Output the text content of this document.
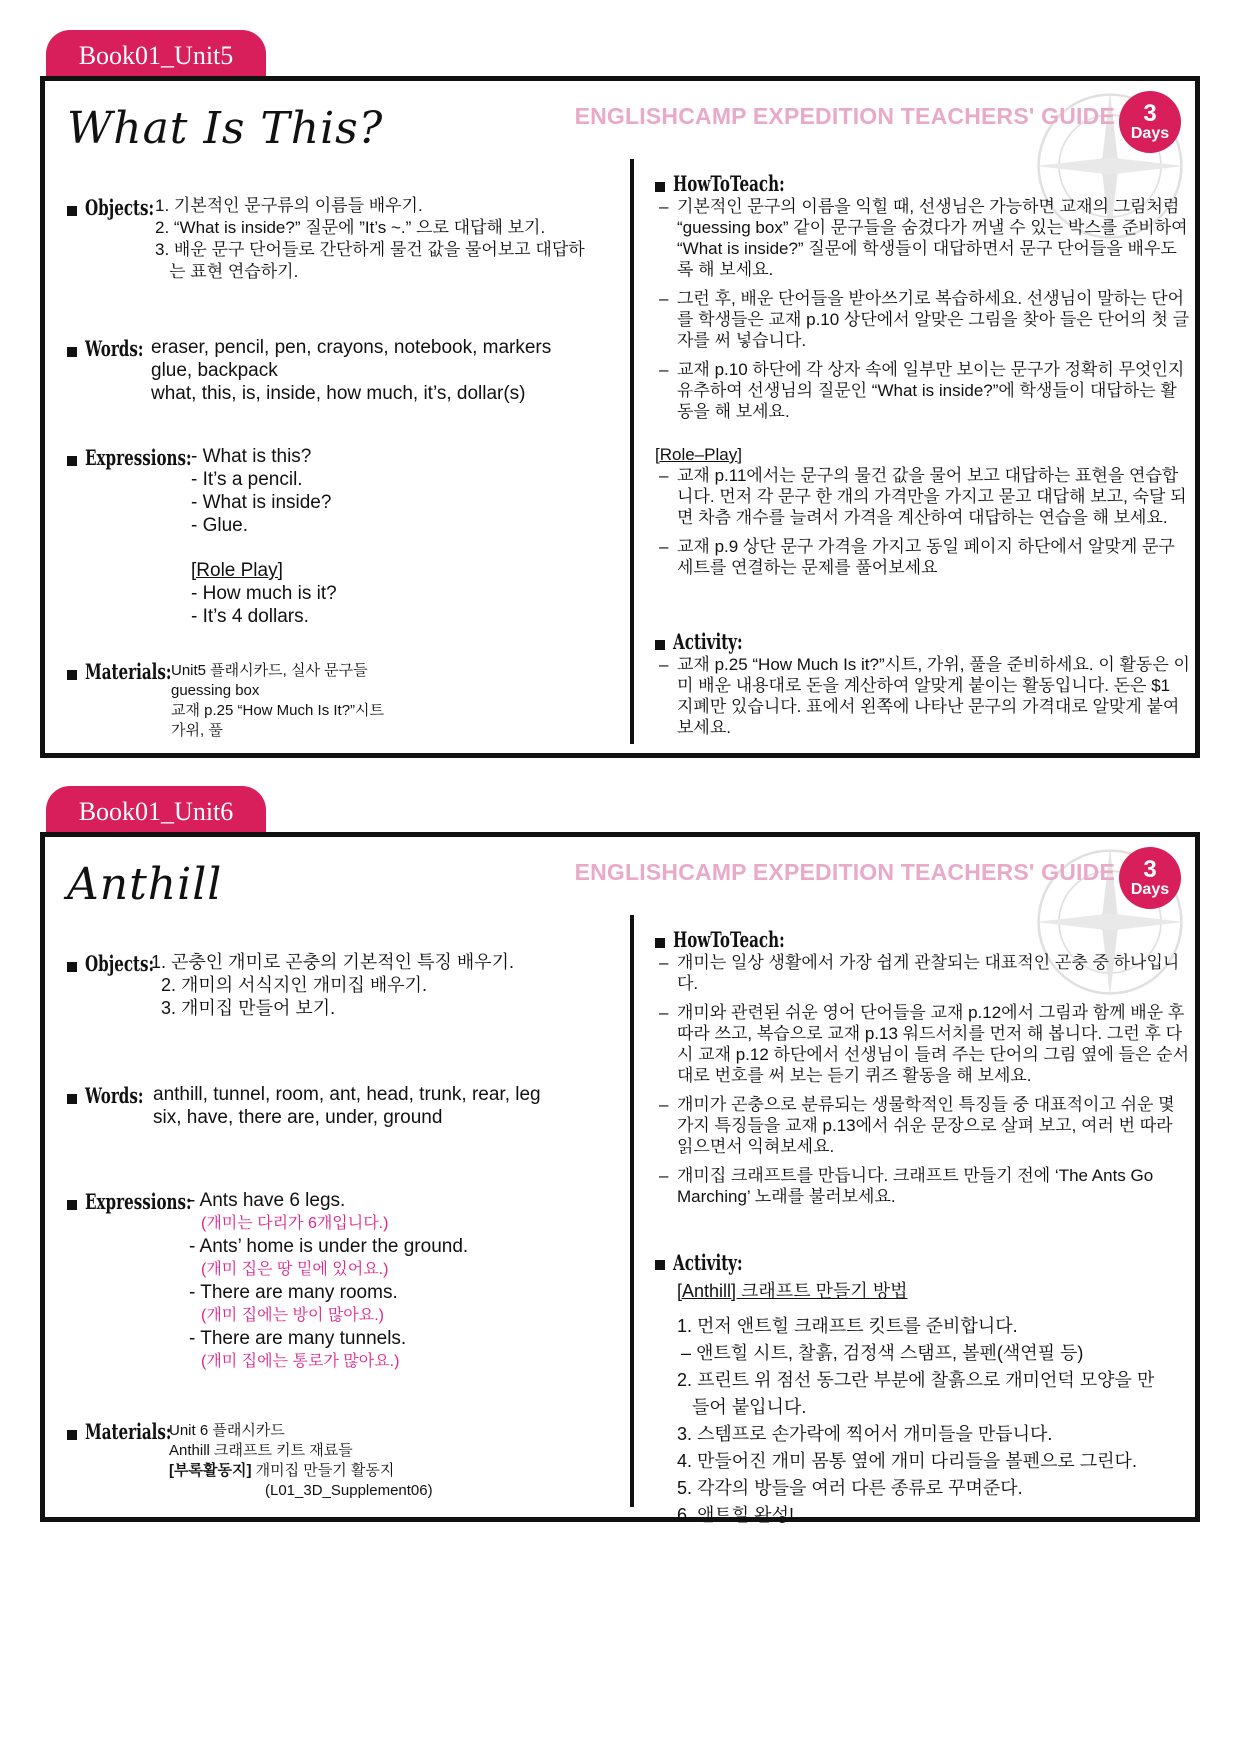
Book01_Unit5
What Is This?	ENGLISHCAMP EXPEDITION TEACHERS' GUIDE	3
Days
Objects: 1. 기본적인 문구류의 이름들 배우기.
2. “What is inside?” 질문에 ”It’s ~.” 으로 대답해 보기.
3. 배운 문구 단어들로 간단하게 물건 값을 물어보고 대답하
는 표현 연습하기.
Words: eraser, pencil, pen, crayons, notebook, markers
glue, backpack
what, this, is, inside, how much, it’s, dollar(s)
Expressions: - What is this?
- It’s a pencil.
- What is inside?
- Glue.
[Role Play]
- How much is it?
- It’s 4 dollars.
Materials: Unit5 플래시카드, 실사 문구들
guessing box
교재 p.25 “How Much Is It?”시트
가위, 풀
HowToTeach:
– 기본적인 문구의 이름을 익힐 때, 선생님은 가능하면 교재의 그림처럼 “guessing box” 같이 문구들을 숨겼다가 꺼낼 수 있는 박스를 준비하여 “What is inside?” 질문에 학생들이 대답하면서 문구 단어들을 배우도록 해 보세요.
– 그런 후, 배운 단어들을 받아쓰기로 복습하세요. 선생님이 말하는 단어를 학생들은 교재 p.10 상단에서 알맞은 그림을 찾아 들은 단어의 첫 글자를 써 넣습니다.
– 교재 p.10 하단에 각 상자 속에 일부만 보이는 문구가 정확히 무엇인지 유추하여 선생님의 질문인 “What is inside?”에 학생들이 대답하는 활동을 해 보세요.
[Role–Play]
– 교재 p.11에서는 문구의 물건 값을 물어 보고 대답하는 표현을 연습합니다. 먼저 각 문구 한 개의 가격만을 가지고 묻고 대답해 보고, 숙달 되면 차츰 개수를 늘려서 가격을 계산하여 대답하는 연습을 해 보세요.
– 교재 p.9 상단 문구 가격을 가지고 동일 페이지 하단에서 알맞게 문구 세트를 연결하는 문제를 풀어보세요
Activity:
– 교재 p.25 “How Much Is it?”시트, 가위, 풀을 준비하세요. 이 활동은 이미 배운 내용대로 돈을 계산하여 알맞게 붙이는 활동입니다. 돈은 $1 지폐만 있습니다. 표에서 왼쪽에 나타난 문구의 가격대로 알맞게 붙여 보세요.
Book01_Unit6
Anthill	ENGLISHCAMP EXPEDITION TEACHERS' GUIDE	3
Days
Objects:
1. 곤충인 개미로 곤충의 기본적인 특징 배우기.
2. 개미의 서식지인 개미집 배우기.
3. 개미집 만들어 보기.
Words: anthill, tunnel, room, ant, head, trunk, rear, leg
six, have, there are, under, ground
Expressions:
- Ants have 6 legs.
(개미는 다리가 6개입니다.)
- Ants’ home is under the ground.
(개미 집은 땅 밑에 있어요.)
- There are many rooms.
(개미 집에는 방이 많아요.)
- There are many tunnels.
(개미 집에는 통로가 많아요.)
Materials:
Unit 6 플래시카드
Anthill 크래프트 키트 재료들
[부록활동지] 개미집 만들기 활동지
(L01_3D_Supplement06)
HowToTeach:
– 개미는 일상 생활에서 가장 쉽게 관찰되는 대표적인 곤충 중 하나입니다.
– 개미와 관련된 쉬운 영어 단어들을 교재 p.12에서 그림과 함께 배운 후 따라 쓰고, 복습으로 교재 p.13 워드서치를 먼저 해 봅니다. 그런 후 다시 교재 p.12 하단에서 선생님이 들려 주는 단어의 그림 옆에 들은 순서대로 번호를 써 보는 듣기 퀴즈 활동을 해 보세요.
– 개미가 곤충으로 분류되는 생물학적인 특징들 중 대표적이고 쉬운 몇 가지 특징들을 교재 p.13에서 쉬운 문장으로 살펴 보고, 여러 번 따라 읽으면서 익혀보세요.
– 개미집 크래프트를 만듭니다. 크래프트 만들기 전에 ‘The Ants Go Marching’ 노래를 불러보세요.
Activity:
[Anthill] 크래프트 만들기 방법
1. 먼저 앤트힐 크래프트 킷트를 준비합니다.
– 앤트힐 시트, 찰흙, 검정색 스탬프, 볼펜(색연필 등)
2. 프린트 위 점선 동그란 부분에 찰흙으로 개미언덕 모양을 만
들어 붙입니다.
3. 스템프로 손가락에 찍어서 개미들을 만듭니다.
4. 만들어진 개미 몸통 옆에 개미 다리들을 볼펜으로 그린다.
5. 각각의 방들을 여러 다른 종류로 꾸며준다.
6. 앤트힐 완성!
